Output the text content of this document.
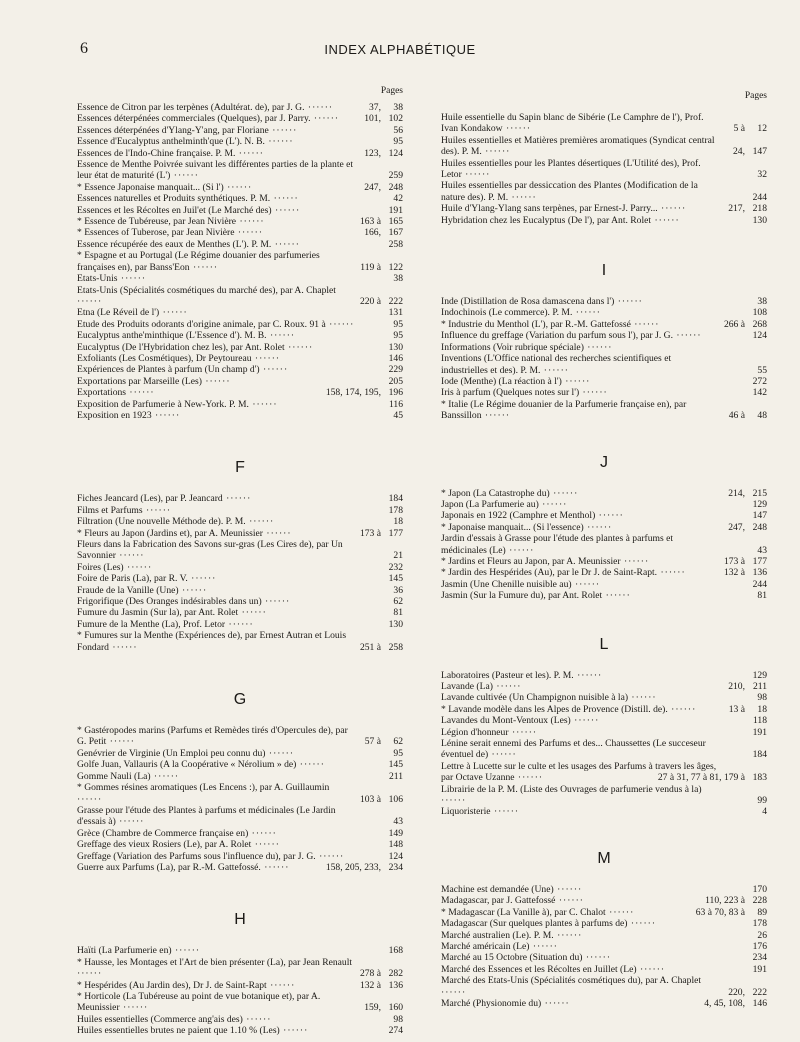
6	INDEX ALPHABÉTIQUE
Pages
Essence de Citron par les terpènes (Adultérat. de), par J. G. ······	37,	38
Essences déterpénées commerciales (Quelques), par J. Parry. ······	101, 102
Essences déterpénées d'Ylang-Y'ang, par Floriane ······	56
Essence d'Eucalyptus anthelminth'que (L'). N. B. ······	95
Essences de l'Indo-Chine française. P. M. ······	123, 124
Essence de Menthe Poivrée suivant les différentes parties de la plante et leur état de maturité (L') ······	259
* Essence Japonaise manquait... (Si l') ······	247, 248
Essences naturelles et Produits synthétiques. P. M. ······	42
Essences et les Récoltes en Juil'et (Le Marché des) ······	191
* Essence de Tubéreuse, par Jean Nivière ······	163 à 165
* Essences of Tuberose, par Jean Nivière ······	166, 167
Essence récupérée des eaux de Menthes (L'). P. M. ······	258
* Espagne et au Portugal (Le Régime douanier des parfumeries françaises en), par Banss'Eon ······	119 à 122
Etats-Unis ······	38
Etats-Unis (Spécialités cosmétiques du marché des), par A. Chaplet ······	220 à 222
Etna (Le Réveil de l') ······	131
Etude des Produits odorants d'origine animale, par C. Roux. 91 à ······	95
Eucalyptus anthe'minthique (L'Essence d'). M. B. ······	95
Eucalyptus (De l'Hybridation chez les), par Ant. Rolet ······	130
Exfoliants (Les Cosmétiques), Dr Peytoureau ······	146
Expériences de Plantes à parfum (Un champ d') ······	229
Exportations par Marseille (Les) ······	205
Exportations ······	158, 174, 195, 196
Exposition de Parfumerie à New-York. P. M. ······	116
Exposition en 1923 ······	45
F
Fiches Jeancard (Les), par P. Jeancard ······	184
Films et Parfums ······	178
Filtration (Une nouvelle Méthode de). P. M. ······	18
* Fleurs au Japon (Jardins et), par A. Meunissier ······	173 à 177
Fleurs dans la Fabrication des Savons sur-gras (Les Cires de), par Un Savonnier ······	21
Foires (Les) ······	232
Foire de Paris (La), par R. V. ······	145
Fraude de la Vanille (Une) ······	36
Frigorifique (Des Oranges indésirables dans un) ······	62
Fumure du Jasmin (Sur la), par Ant. Rolet ······	81
Fumure de la Menthe (La), Prof. Letor ······	130
* Fumures sur la Menthe (Expériences de), par Ernest Autran et Louis Fondard ······	251 à 258
G
* Gastéropodes marins (Parfums et Remèdes tirés d'Opercules de), par G. Petit ······	57 à	62
Genévrier de Virginie (Un Emploi peu connu du) ······	95
Golfe Juan, Vallauris (A la Coopérative « Nérolium » de) ······	145
Gomme Nauli (La) ······	211
* Gommes résines aromatiques (Les Encens :), par A. Guillaumin ······	103 à 106
Grasse pour l'étude des Plantes à parfums et médicinales (Le Jardin d'essais à) ······	43
Grèce (Chambre de Commerce française en) ······	149
Greffage des vieux Rosiers (Le), par A. Rolet ······	148
Greffage (Variation des Parfums sous l'influence du), par J. G. ······	124
Guerre aux Parfums (La), par R.-M. Gattefossé. ······	158, 205, 233, 234
H
Haïti (La Parfumerie en) ······	168
* Hausse, les Montages et l'Art de bien présenter (La), par Jean Renault ······	278 à 282
* Hespérides (Au Jardin des), Dr J. de Saint-Rapt ······	132 à 136
* Horticole (La Tubéreuse au point de vue botanique et), par A. Meunissier ······	159, 160
Huiles essentielles (Commerce ang'ais des) ······	98
Huiles essentielles brutes ne paient que 1.10 % (Les) ······	274
Pages
Huile essentielle du Sapin blanc de Sibérie (Le Camphre de l'), Prof. Ivan Kondakow ······	5 à	12
Huiles essentielles et Matières premières aromatiques (Syndicat central des). P. M. ······	24, 147
Huiles essentielles pour les Plantes désertiques (L'Utilité des), Prof. Letor ······	32
Huiles essentielles par dessiccation des Plantes (Modification de la nature des). P. M. ······	244
Huile d'Ylang-Ylang sans terpènes, par Ernest-J. Parry... ······	217, 218
Hybridation chez les Eucalyptus (De l'), par Ant. Rolet ······	130
I
Inde (Distillation de Rosa damascena dans l') ······	38
Indochinois (Le commerce). P. M. ······	108
* Industrie du Menthol (L'), par R.-M. Gattefossé ······	266 à 268
Influence du greffage (Variation du parfum sous l'), par J. G. ······	124
Informations (Voir rubrique spéciale) ······
Inventions (L'Office national des recherches scientifiques et industrielles et des). P. M. ······	55
Iode (Menthe) (La réaction à l') ······	272
Iris à parfum (Quelques notes sur l') ······	142
* Italie (Le Régime douanier de la Parfumerie française en), par Banssillon ······	46 à	48
J
* Japon (La Catastrophe du) ······	214, 215
Japon (La Parfumerie au) ······	129
Japonais en 1922 (Camphre et Menthol) ······	147
* Japonaise manquait... (Si l'essence) ······	247, 248
Jardin d'essais à Grasse pour l'étude des plantes à parfums et médicinales (Le) ······	43
* Jardins et Fleurs au Japon, par A. Meunissier ······	173 à 177
* Jardin des Hespérides (Au), par le Dr J. de Saint-Rapt. ······	132 à 136
Jasmin (Une Chenille nuisible au) ······	244
Jasmin (Sur la Fumure du), par Ant. Rolet ······	81
L
Laboratoires (Pasteur et les). P. M. ······	129
Lavande (La) ······	210, 211
Lavande cultivée (Un Champignon nuisible à la) ······	98
* Lavande modèle dans les Alpes de Provence (Distill. de). ······	13 à	18
Lavandes du Mont-Ventoux (Les) ······	118
Légion d'honneur ······	191
Lénine serait ennemi des Parfums et des... Chaussettes (Le succeseur éventuel de) ······	184
Lettre à Lucette sur le culte et les usages des Parfums à travers les âges, par Octave Uzanne ······	27 à 31, 77 à 81, 179 à 183
Librairie de la P. M. (Liste des Ouvrages de parfumerie vendus à la) ······	99
Liquoristerie ······	4
M
Machine est demandée (Une) ······	170
Madagascar, par J. Gattefossé ······	110, 223 à 228
* Madagascar (La Vanille à), par C. Chalot ······	63 à 70, 83 à	89
Madagascar (Sur quelques plantes à parfums de) ······	178
Marché australien (Le). P. M. ······	26
Marché américain (Le) ······	176
Marché au 15 Octobre (Situation du) ······	234
Marché des Essences et les Récoltes en Juillet (Le) ······	191
Marché des Etats-Unis (Spécialités cosmétiques du), par A. Chaplet ······	220, 222
Marché (Physionomie du) ······	4, 45, 108, 146
